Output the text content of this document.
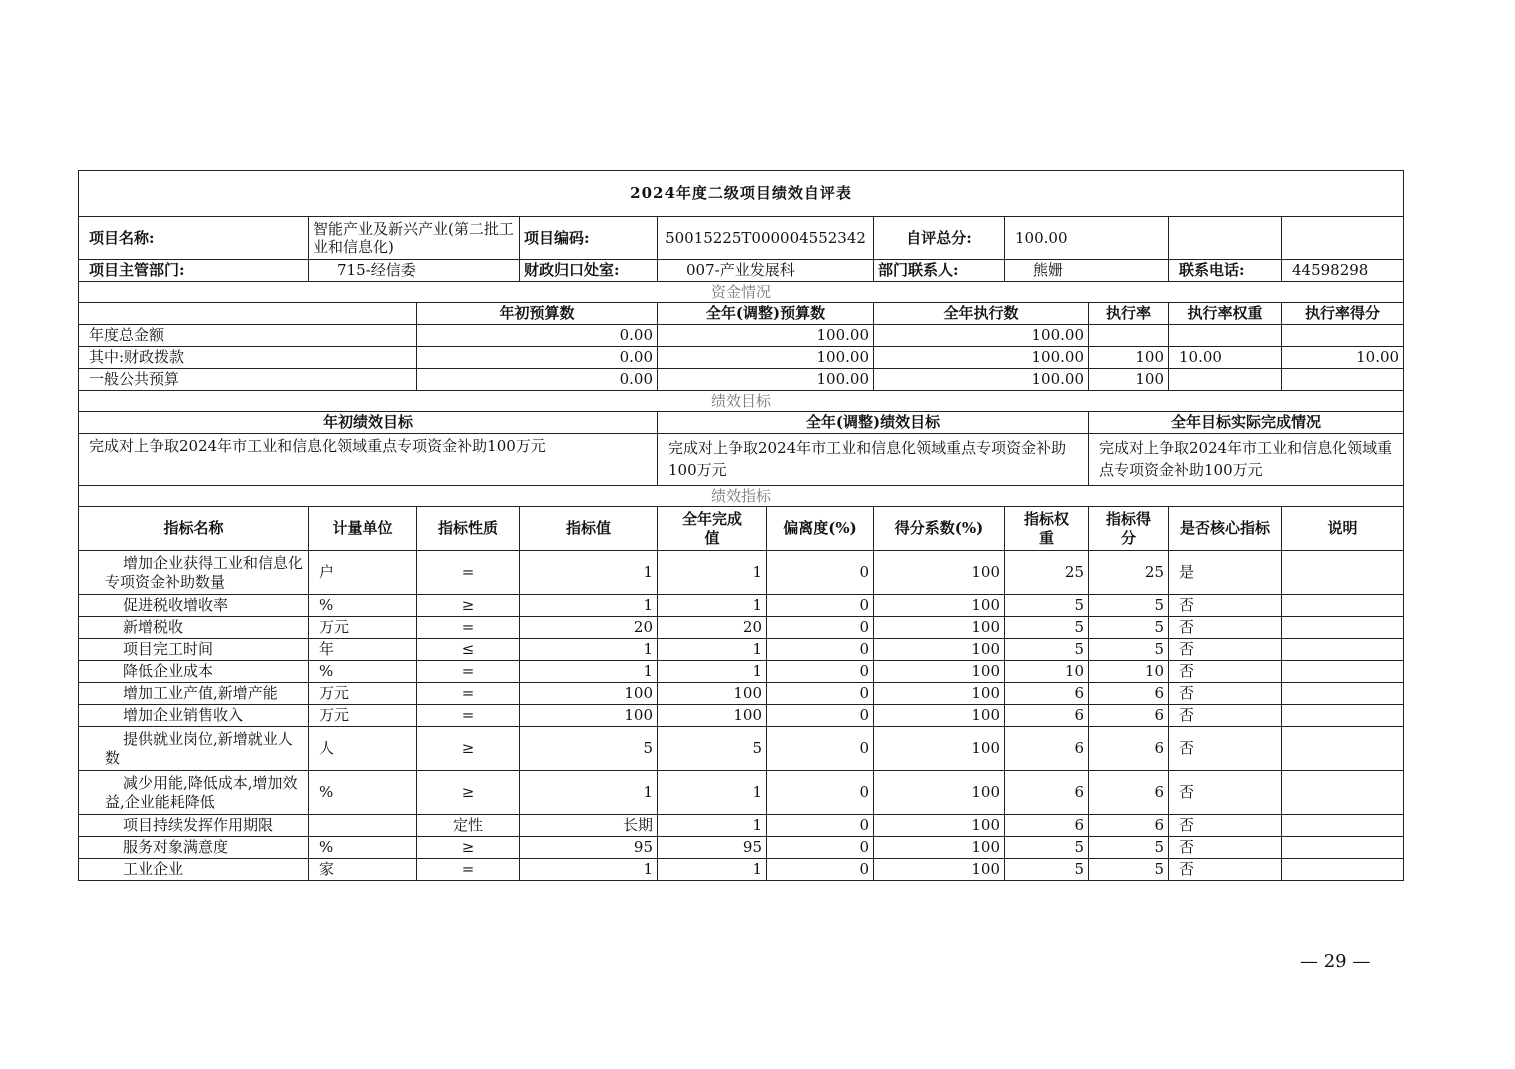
2024年度二级项目绩效自评表										
项目名称:	智能产业及新兴产业(第二批工业和信息化)		项目编码:	50015225T000004552342		自评总分:	100.00			
项目主管部门:	715-经信委		财政归口处室:	007-产业发展科		部门联系人:	熊姗		联系电话:	44598298
资金情况										
		年初预算数		全年(调整)预算数		全年执行数		执行率	执行率权重	执行率得分
年度总金额		0.00		100.00		100.00				
其中:财政拨款		0.00		100.00		100.00		100	10.00	10.00
一般公共预算		0.00		100.00		100.00		100		
绩效目标										
年初绩效目标				全年(调整)绩效目标				全年目标实际完成情况		
完成对上争取2024年市工业和信息化领域重点专项资金补助100万元				完成对上争取2024年市工业和信息化领域重点专项资金补助100万元				完成对上争取2024年市工业和信息化领域重点专项资金补助100万元		
绩效指标										
指标名称	计量单位	指标性质	指标值	全年完成值	偏离度(%)	得分系数(%)	指标权重	指标得分	是否核心指标	说明
增加企业获得工业和信息化专项资金补助数量	户	=	1	1	0	100	25	25	是	
促进税收增收率	%	≥	1	1	0	100	5	5	否	
新增税收	万元	=	20	20	0	100	5	5	否	
项目完工时间	年	≤	1	1	0	100	5	5	否	
降低企业成本	%	=	1	1	0	100	10	10	否	
增加工业产值,新增产能	万元	=	100	100	0	100	6	6	否	
增加企业销售收入	万元	=	100	100	0	100	6	6	否	
提供就业岗位,新增就业人数	人	≥	5	5	0	100	6	6	否	
减少用能,降低成本,增加效益,企业能耗降低	%	≥	1	1	0	100	6	6	否	
项目持续发挥作用期限		定性	长期	1	0	100	6	6	否	
服务对象满意度	%	≥	95	95	0	100	5	5	否	
工业企业	家	=	1	1	0	100	5	5	否	
— 29 —
